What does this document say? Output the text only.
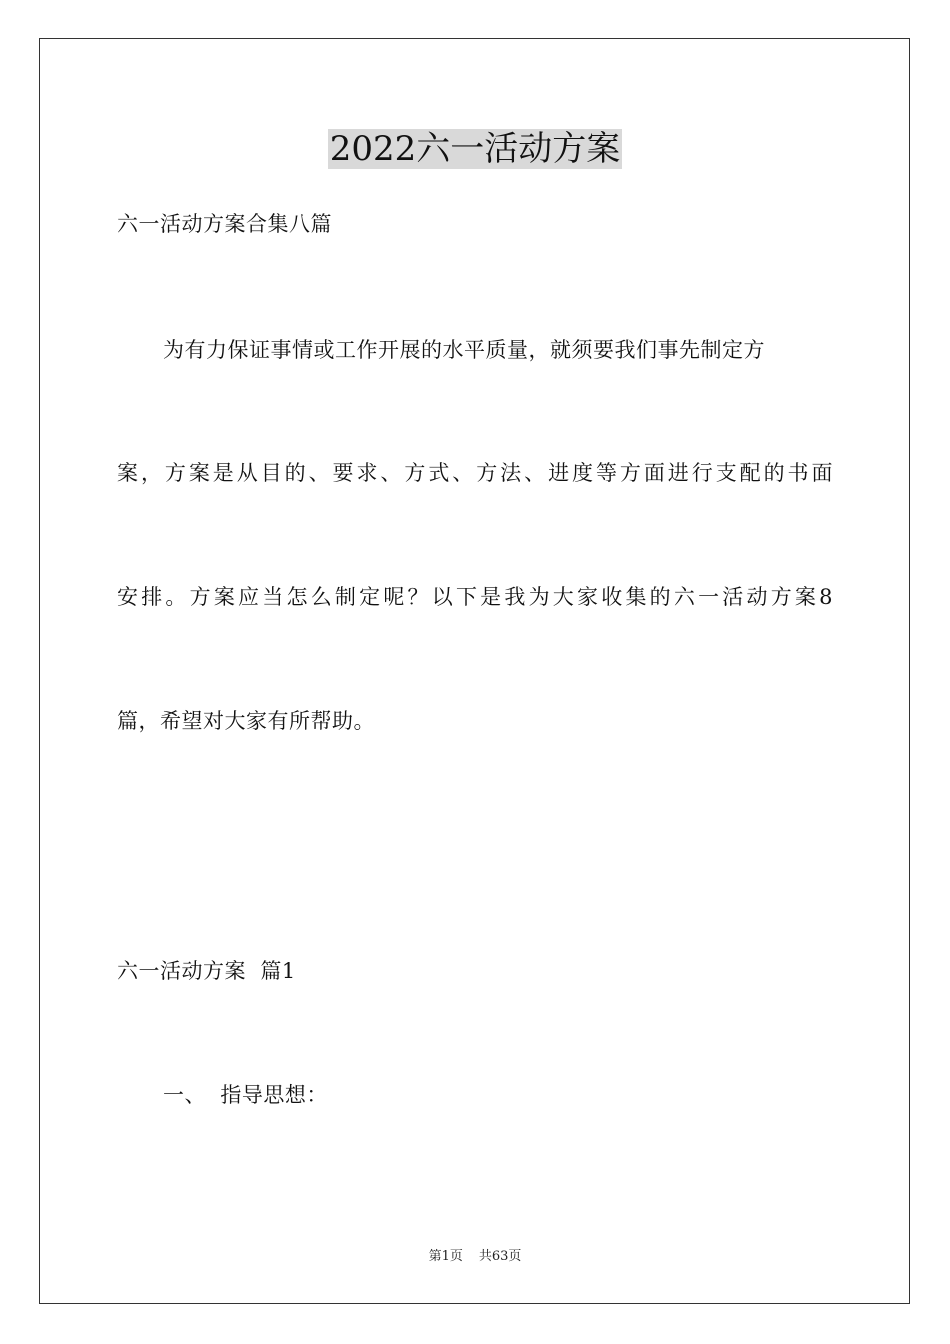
2022六一活动方案
六一活动方案合集八篇
为有力保证事情或工作开展的水平质量，就须要我们事先制定方
案，方案是从目的、要求、方式、方法、进度等方面进行支配的书面
安排。方案应当怎么制定呢？以下是我为大家收集的六一活动方案8
篇，希望对大家有所帮助。
六一活动方案  篇1
一、  指导思想：
第1页 共63页
